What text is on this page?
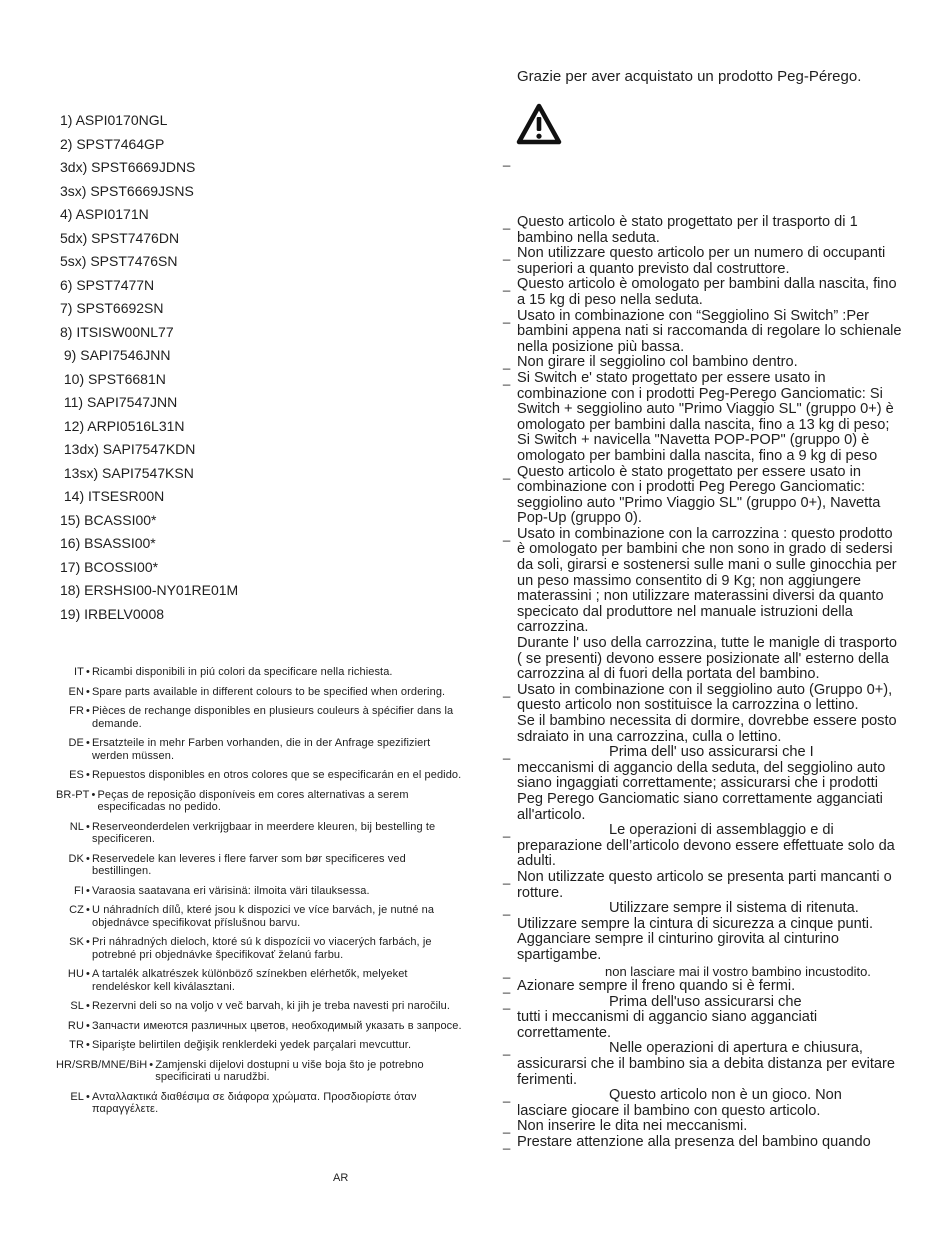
1) ASPI0170NGL
2) SPST7464GP
3dx) SPST6669JDNS
3sx) SPST6669JSNS
4) ASPI0171N
5dx) SPST7476DN
5sx) SPST7476SN
6) SPST7477N
7) SPST6692SN
8) ITSISW00NL77
9) SAPI7546JNN
10) SPST6681N
11) SAPI7547JNN
12) ARPI0516L31N
13dx) SAPI7547KDN
13sx) SAPI7547KSN
14) ITSESR00N
15) BCASSI00*
16) BSASSI00*
17) BCOSSI00*
18) ERSHSI00-NY01RE01M
19) IRBELV0008
IT • Ricambi disponibili in piú colori da specificare nella richiesta.
EN • Spare parts available in different colours to be specified when ordering.
FR • Pièces de rechange disponibles en plusieurs couleurs à spécifier dans la demande.
DE • Ersatzteile in mehr Farben vorhanden, die in der Anfrage spezifiziert werden müssen.
ES • Repuestos disponibles en otros colores que se especificarán en el pedido.
BR-PT • Peças de reposição disponíveis em cores alternativas a serem especificadas no pedido.
NL • Reserveonderdelen verkrijgbaar in meerdere kleuren, bij bestelling te specificeren.
DK • Reservedele kan leveres i flere farver som bør specificeres ved bestillingen.
FI • Varaosia saatavana eri värisinä: ilmoita väri tilauksessa.
CZ • U náhradních dílů, které jsou k dispozici ve více barvách, je nutné na objednávce specifikovat příslušnou barvu.
SK • Pri náhradných dieloch, ktoré sú k dispozícii vo viacerých farbách, je potrebné pri objednávke špecifikovať želanú farbu.
HU • A tartalék alkatrészek különböző színekben elérhetők, melyeket rendeléskor kell kiválasztani.
SL • Rezervni deli so na voljo v več barvah, ki jih je treba navesti pri naročilu.
RU • Запчасти имеются различных цветов, необходимый указать в запросе.
TR • Siparişte belirtilen değişik renklerdeki yedek parçalari mevcuttur.
HR/SRB/MNE/BiH • Zamjenski dijelovi dostupni u više boja što je potrebno specificirati u narudžbi.
EL • Ανταλλακτικά διαθέσιμα σε διάφορα χρώματα. Προσδιορίστε όταν παραγγέλετε.
AR
Grazie per aver acquistato un prodotto Peg-Pérego.
_
_ Questo articolo è stato progettato per il trasporto di 1 bambino nella seduta.

_ Non utilizzare questo articolo per un numero di occupanti superiori a quanto previsto dal costruttore.

_ Questo articolo è omologato per bambini dalla nascita, fino a 15 kg di peso nella seduta.

_ Usato in combinazione con “Seggiolino Si Switch” :Per bambini appena nati si raccomanda di regolare lo schienale nella posizione più bassa.

_ Non girare il seggiolino col bambino dentro.

_ Si Switch e' stato progettato per essere usato in combinazione con i prodotti Peg-Perego Ganciomatic: Si Switch + seggiolino auto "Primo Viaggio SL" (gruppo 0+) è omologato per bambini dalla nascita, fino a 13 kg di peso;

Si Switch + navicella "Navetta POP-POP" (gruppo 0) è omologato per bambini dalla nascita, fino a 9 kg di peso

_ Questo articolo è stato progettato per essere usato in combinazione con i prodotti Peg Perego Ganciomatic: seggiolino auto "Primo Viaggio SL" (gruppo 0+), Navetta Pop-Up (gruppo 0).

_ Usato in combinazione con la carrozzina : questo prodotto è omologato per bambini che non sono in grado di sedersi da soli, girarsi e sostenersi sulle mani o sulle ginocchia per un peso massimo consentito di 9 Kg; non aggiungere materassini ; non utilizzare materassini diversi da quanto specicato dal produttore nel manuale istruzioni della carrozzina.

Durante l' uso della carrozzina, tutte le manigle di trasporto ( se presenti) devono essere posizionate all' esterno della carrozzina al di fuori della portata del bambino.

_ Usato in combinazione con il seggiolino auto (Gruppo 0+), questo articolo non sostituisce la carrozzina o lettino.

Se il bambino necessita di dormire, dovrebbe essere posto sdraiato in una carrozzina, culla o lettino.

_	Prima dell' uso assicurarsi che I

meccanismi di aggancio della seduta, del seggiolino auto siano ingaggiati correttamente; assicurarsi che i prodotti Peg Perego Ganciomatic siano correttamente agganciati all'articolo.

_	Le operazioni di assemblaggio e di

preparazione dell’articolo devono essere effettuate solo da adulti.

_ Non utilizzate questo articolo se presenta parti mancanti o rotture.

_	Utilizzare sempre il sistema di ritenuta.

Utilizzare sempre la cintura di sicurezza a cinque punti. Agganciare sempre il cinturino girovita al cinturino spartigambe.

_	non lasciare mai il vostro bambino incustodito.

_ Azionare sempre il freno quando si è fermi.

_	Prima dell'uso assicurarsi che

tutti i meccanismi di aggancio siano agganciati correttamente.

_	Nelle operazioni di apertura e chiusura,

assicurarsi che il bambino sia a debita distanza per evitare ferimenti.

_	Questo articolo non è un gioco. Non

lasciare giocare il bambino con questo articolo.

_ Non inserire le dita nei meccanismi.

_ Prestare attenzione alla presenza del bambino quando
